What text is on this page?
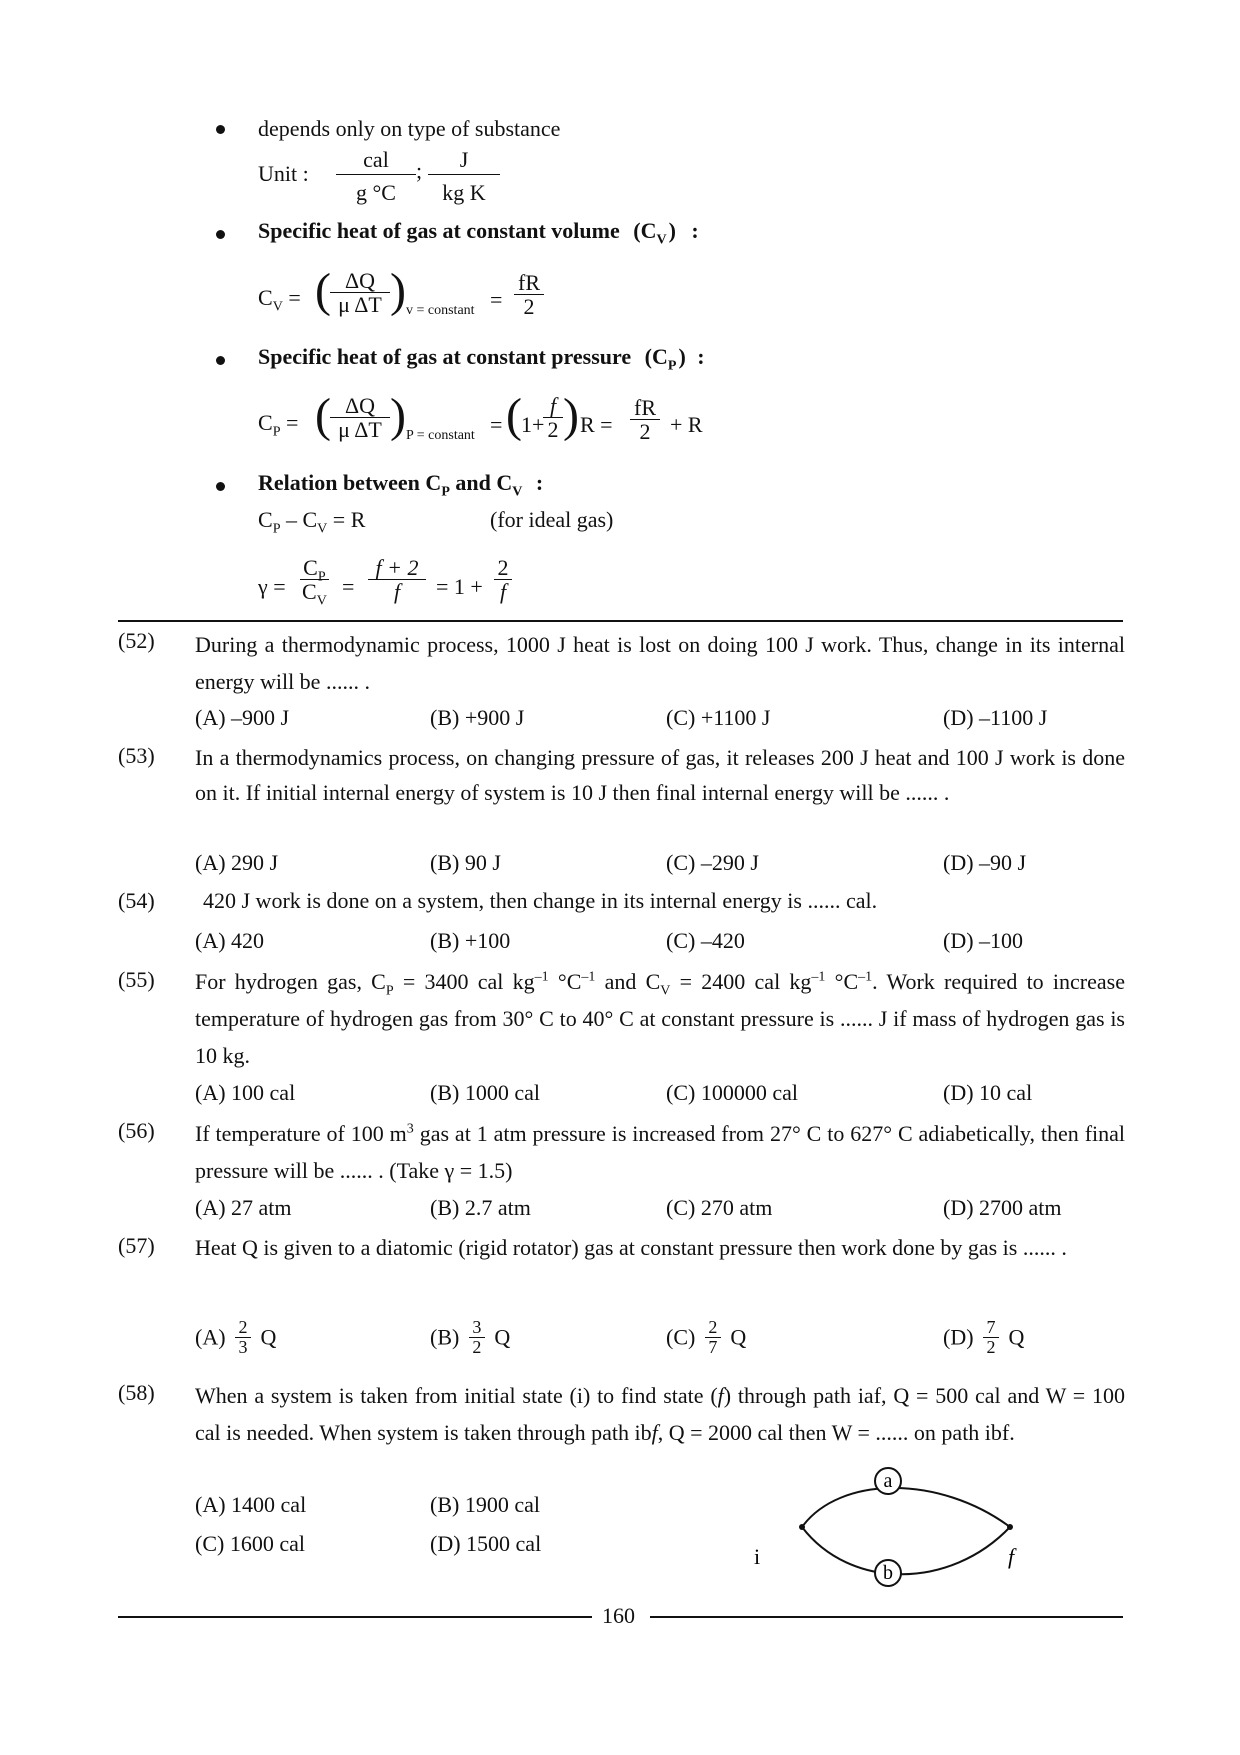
depends only on type of substance
Unit :
cal
g °C
; $\frac{J}{\text{kg K}}$
Specific heat of gas at constant volume $(C_V)$ :
$C_V$ = ( $\frac{\Delta Q}{\text{μ ΔT}}$ ) v = constant = $\frac{fR}{2}$
Specific heat of gas at constant pressure $(C_P)$ :
$C_P$ = ( $\frac{\Delta Q}{\text{μ ΔT}}$ ) P = constant = ( 1+
$\frac{f}{2}$ ) $R = \frac{fR}{2} + R$
Relation between $C_P$ and $C_V$ :
$C_P - C_V = R$	(for ideal gas)
$\gamma = \frac{C_P}{C_V} = \frac{f + 2}{f} = 1 + \frac{2}{f}$
(52) During a thermodynamic process, 1000 J heat is lost on doing 100 J work. Thus, change in its internal energy will be ...... .
(A) –900 J	(B) +900 J	(C) +1100 J	(D) –1100 J
(53) In a thermodynamics process, on changing pressure of gas, it releases 200 J heat and 100 J work is done on it. If initial internal energy of system is 10 J then final internal energy will be ...... .
(A) 290 J	(B) 90 J	(C) –290 J	(D) –90 J
(54) 420 J work is done on a system, then change in its internal energy is ...... cal.
(A) 420	(B) +100	(C) –420	(D) –100
(55) For hydrogen gas, $C_P = 3400$ cal $kg^{-1}$ $^\circ C^{-1}$ and $C_V = 2400$ cal $kg^{-1}$ $^\circ C^{-1}$. Work required to increase temperature of hydrogen gas from 30° C to 40° C at constant pressure is ...... J if mass of hydrogen gas is 10 kg.
(A) 100 cal	(B) 1000 cal	(C) 100000 cal	(D) 10 cal
(56) If temperature of 100 $m^3$ gas at 1 atm pressure is increased from 27° C to 627° C adiabetically, then final pressure will be ...... . (Take γ = 1.5)
(A) 27 atm	(B) 2.7 atm	(C) 270 atm	(D) 2700 atm
(57) Heat Q is given to a diatomic (rigid rotator) gas at constant pressure then work done by gas is ...... .
$(A) \frac{2}{3}$ Q	$(B) \frac{3}{2}$ Q	$(C) \frac{2}{7}$ Q	$(D) \frac{7}{2}$ Q
(58) When a system is taken from initial state (i) to find state (f) through path iaf, Q = 500 cal and W = 100 cal is needed. When system is taken through path ibf, Q = 2000 cal then W = ...... on path ibf.
(A) 1400 cal	(B) 1900 cal
(C) 1600 cal	(D) 1500 cal
a
b
i	f
160
